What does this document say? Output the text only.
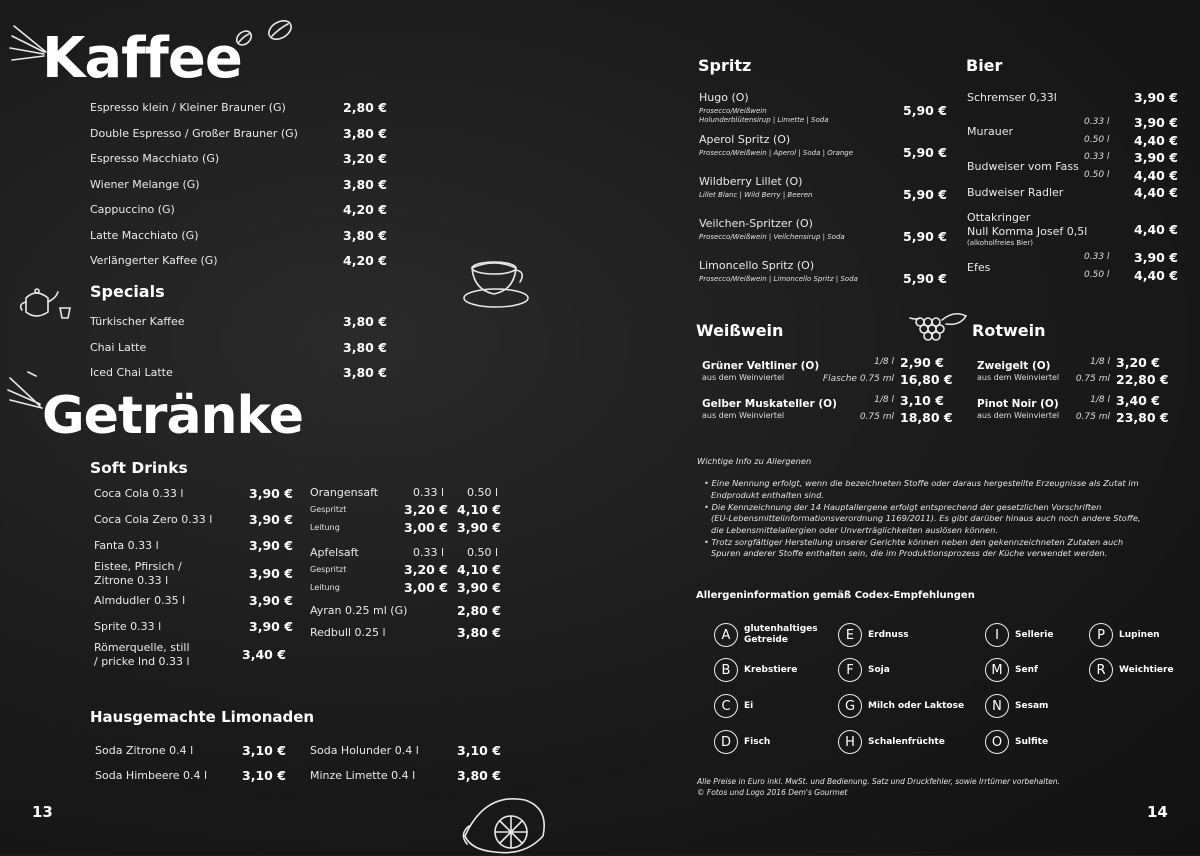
Kaffee
Espresso klein / Kleiner Brauner (G)	2,80 €
Double Espresso / Großer Brauner (G)	3,80 €
Espresso Macchiato (G)	3,20 €
Wiener Melange (G)	3,80 €
Cappuccino (G)	4,20 €
Latte Macchiato (G)	3,80 €
Verlängerter Kaffee (G)	4,20 €
Specials
Türkischer Kaffee	3,80 €
Chai Latte	3,80 €
Iced Chai Latte	3,80 €
Getränke
Soft Drinks
Coca Cola 0.33 l	3,90 €
Coca Cola Zero 0.33 l	3,90 €
Fanta 0.33 l	3,90 €
Eistee, Pfirsich /
Zitrone 0.33 l	3,90 €
Almdudler 0.35 l	3,90 €
Sprite 0.33 l	3,90 €
Römerquelle, still
/ pricke lnd 0.33 l	3,40 €
Orangensaft	0.33 l 0.50 l
Gespritzt	3,20 € 4,10 €
Leitung	3,00 € 3,90 €
Apfelsaft	0.33 l 0.50 l
Gespritzt	3,20 € 4,10 €
Leitung	3,00 € 3,90 €
Ayran 0.25 ml (G)	2,80 €
Redbull 0.25 l	3,80 €
Hausgemachte Limonaden
Soda Zitrone 0.4 l	3,10 €
Soda Himbeere 0.4 l	3,10 €
Soda Holunder 0.4 l	3,10 €
Minze Limette 0.4 l	3,80 €
13
Spritz
Hugo (O)
Prosecco/Weißwein
Holunderblütensirup | Limette | Soda
5,90 €
Aperol Spritz (O)
Prosecco/Weißwein | Aperol | Soda | Orange	5,90 €
Wildberry Lillet (O)
Lillet Blanc | Wild Berry | Beeren	5,90 €
Veilchen-Spritzer (O)
Prosecco/Weißwein | Veilchensirup | Soda	5,90 €
Limoncello Spritz (O)
Prosecco/Weißwein | Limoncello Spritz | Soda	5,90 €
Bier
Schremser 0,33l	3,90 €
Murauer
0.33 l 3,90 €
0.50 l 4,40 €
Budweiser vom Fass
0.33 l 3,90 €
0.50 l 4,40 €
Budweiser Radler	4,40 €
Ottakringer
Null Komma Josef 0,5l
(alkoholfreies Bier)
4,40 €
Efes
0.33 l 3,90 €
0.50 l 4,40 €
Weißwein	Rotwein
Grüner Veltliner (O)
aus dem Weinviertel
1/8 l 2,90 €
Flasche 0.75 ml 16,80 €
Gelber Muskateller (O)
aus dem Weinviertel
1/8 l 3,10 €
0.75 ml 18,80 €
Zweigelt (O)
aus dem Weinviertel
1/8 l 3,20 €
0.75 ml 22,80 €
Pinot Noir (O)
aus dem Weinviertel
1/8 l 3,40 €
0.75 ml 23,80 €
Wichtige Info zu Allergenen
• Eine Nennung erfolgt, wenn die bezeichneten Stoffe oder daraus hergestellte Erzeugnisse als Zutat im
Endprodukt enthalten sind.
• Die Kennzeichnung der 14 Hauptallergene erfolgt entsprechend der gesetzlichen Vorschriften
(EU-Lebensmittelinformationsverordnung 1169/2011). Es gibt darüber hinaus auch noch andere Stoffe,
die Lebensmittelallergien oder Unverträglichkeiten auslösen können.
• Trotz sorgfältiger Herstellung unserer Gerichte können neben den gekennzeichneten Zutaten auch
Spuren anderer Stoffe enthalten sein, die im Produktionsprozess der Küche verwendet werden.
Allergeninformation gemäß Codex-Empfehlungen
A	glutenhaltiges
Getreide
B	Krebstiere
C	Ei
D	Fisch
E	Erdnuss
F	Soja
G	Milch oder Laktose
H	Schalenfrüchte
I	Sellerie
M	Senf
N	Sesam
O	Sulfite
P	Lupinen
R	Weichtiere
Alle Preise in Euro inkl. MwSt. und Bedienung. Satz und Druckfehler, sowie Irrtümer vorbehalten.
© Fotos und Logo 2016 Dem's Gourmet
14
